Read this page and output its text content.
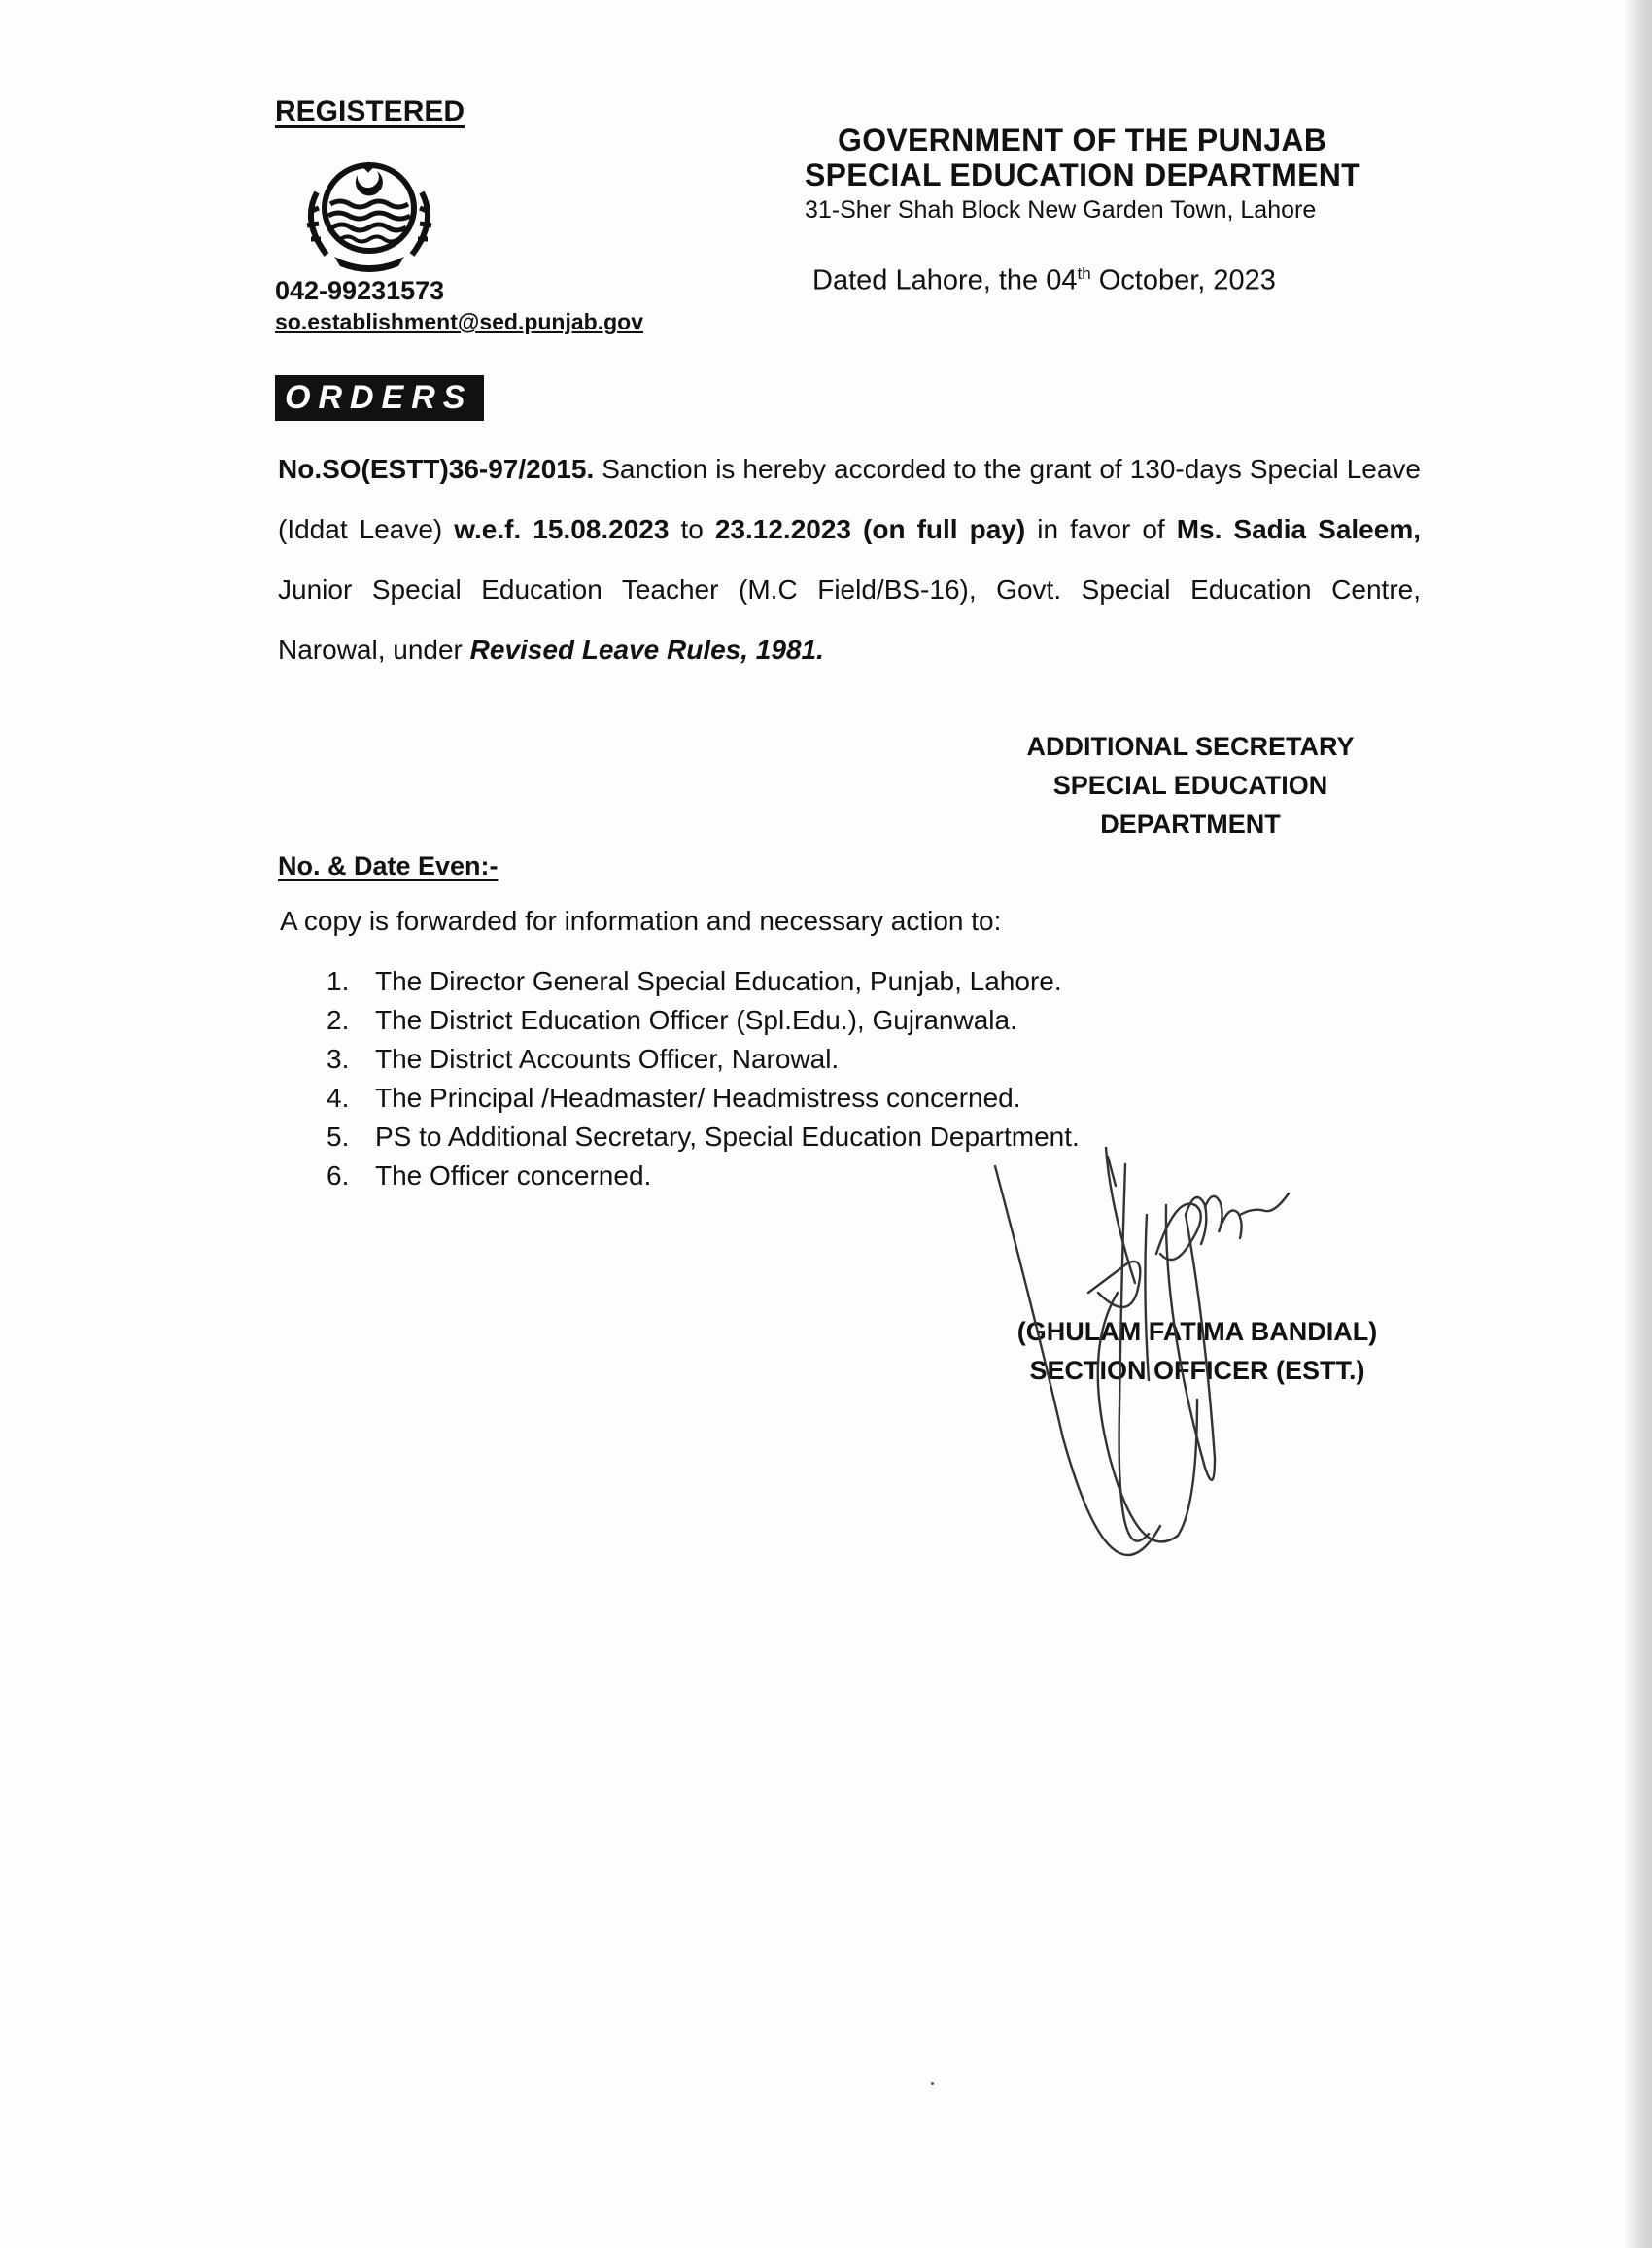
REGISTERED
042-99231573
so.establishment@sed.punjab.gov
GOVERNMENT OF THE PUNJAB
SPECIAL EDUCATION DEPARTMENT
31-Sher Shah Block New Garden Town, Lahore
Dated Lahore, the 04th October, 2023
ORDERS
No.SO(ESTT)36-97/2015. Sanction is hereby accorded to the grant of 130-days Special Leave (Iddat Leave) w.e.f. 15.08.2023 to 23.12.2023 (on full pay) in favor of Ms. Sadia Saleem, Junior Special Education Teacher (M.C Field/BS-16), Govt. Special Education Centre, Narowal, under Revised Leave Rules, 1981.
ADDITIONAL SECRETARY
SPECIAL EDUCATION
DEPARTMENT
No. & Date Even:-
A copy is forwarded for information and necessary action to:
1. The Director General Special Education, Punjab, Lahore.
2. The District Education Officer (Spl.Edu.), Gujranwala.
3. The District Accounts Officer, Narowal.
4. The Principal /Headmaster/ Headmistress concerned.
5. PS to Additional Secretary, Special Education Department.
6. The Officer concerned.
(GHULAM FATIMA BANDIAL)
SECTION OFFICER (ESTT.)
